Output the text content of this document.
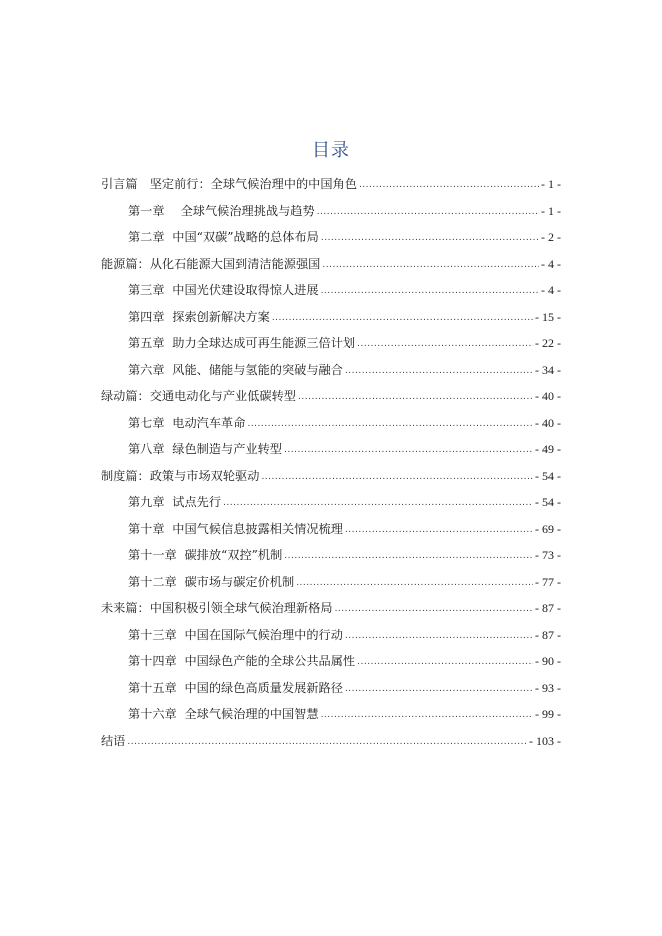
目录
引言篇　坚定前行：全球气候治理中的中国角色 .....	- 1 -
第一章　 全球气候治理挑战与趋势 .....	- 1 -
第二章  中国“双碳”战略的总体布局 .....	- 2 -
能源篇：从化石能源大国到清洁能源强国 .....	- 4 -
第三章  中国光伏建设取得惊人进展 .....	- 4 -
第四章  探索创新解决方案 .....	- 15 -
第五章  助力全球达成可再生能源三倍计划 .....	- 22 -
第六章  风能、储能与氢能的突破与融合 .....	- 34 -
绿动篇：交通电动化与产业低碳转型 .....	- 40 -
第七章  电动汽车革命 .....	- 40 -
第八章  绿色制造与产业转型 .....	- 49 -
制度篇：政策与市场双轮驱动 .....	- 54 -
第九章  试点先行 .....	- 54 -
第十章  中国气候信息披露相关情况梳理 .....	- 69 -
第十一章  碳排放“双控”机制 .....	- 73 -
第十二章  碳市场与碳定价机制 .....	- 77 -
未来篇：中国积极引领全球气候治理新格局 .....	- 87 -
第十三章  中国在国际气候治理中的行动 .....	- 87 -
第十四章  中国绿色产能的全球公共品属性 .....	- 90 -
第十五章  中国的绿色高质量发展新路径 .....	- 93 -
第十六章  全球气候治理的中国智慧 .....	- 99 -
结语 .....	- 103 -
